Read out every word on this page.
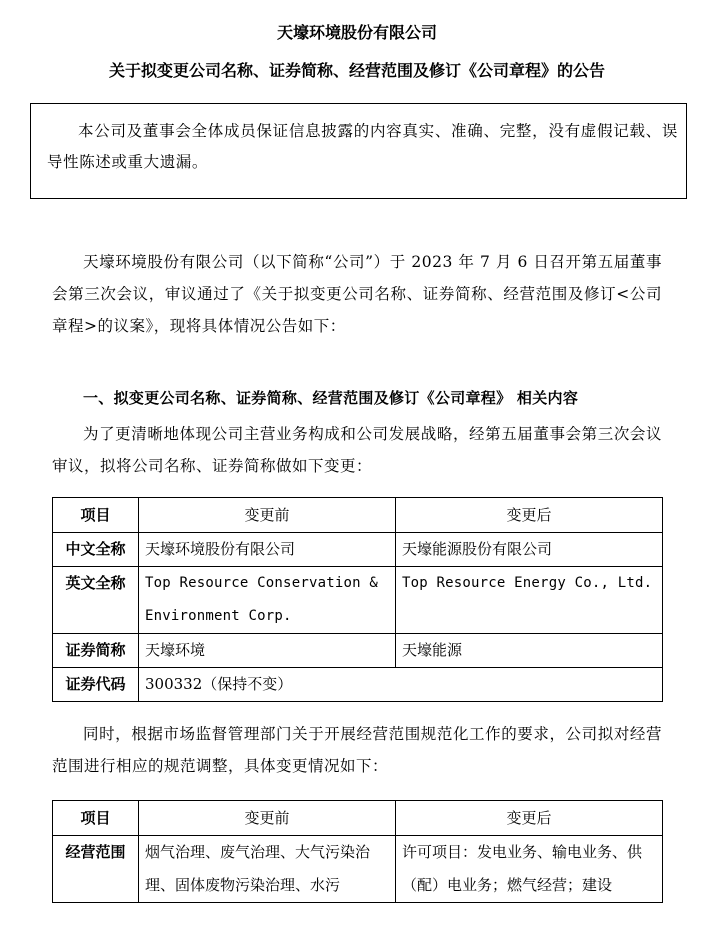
天壕环境股份有限公司
关于拟变更公司名称、证券简称、经营范围及修订《公司章程》的公告

本公司及董事会全体成员保证信息披露的内容真实、准确、完整，没有虚假记载、误导性陈述或重大遗漏。

天壕环境股份有限公司（以下简称“公司”）于 2023 年 7 月 6 日召开第五届董事会第三次会议，审议通过了《关于拟变更公司名称、证券简称、经营范围及修订<公司章程>的议案》，现将具体情况公告如下：

一、拟变更公司名称、证券简称、经营范围及修订《公司章程》 相关内容

为了更清晰地体现公司主营业务构成和公司发展战略，经第五届董事会第三次会议审议，拟将公司名称、证券简称做如下变更：

项目	变更前	变更后
中文全称	天壕环境股份有限公司	天壕能源股份有限公司
英文全称	Top Resource Conservation & Environment Corp.	Top Resource Energy Co., Ltd.
证券简称	天壕环境	天壕能源
证券代码	300332（保持不变）	

同时，根据市场监督管理部门关于开展经营范围规范化工作的要求，公司拟对经营范围进行相应的规范调整，具体变更情况如下：

项目	变更前	变更后
经营范围	烟气治理、废气治理、大气污染治理、固体废物污染治理、水污	许可项目：发电业务、输电业务、供（配）电业务；燃气经营；建设
